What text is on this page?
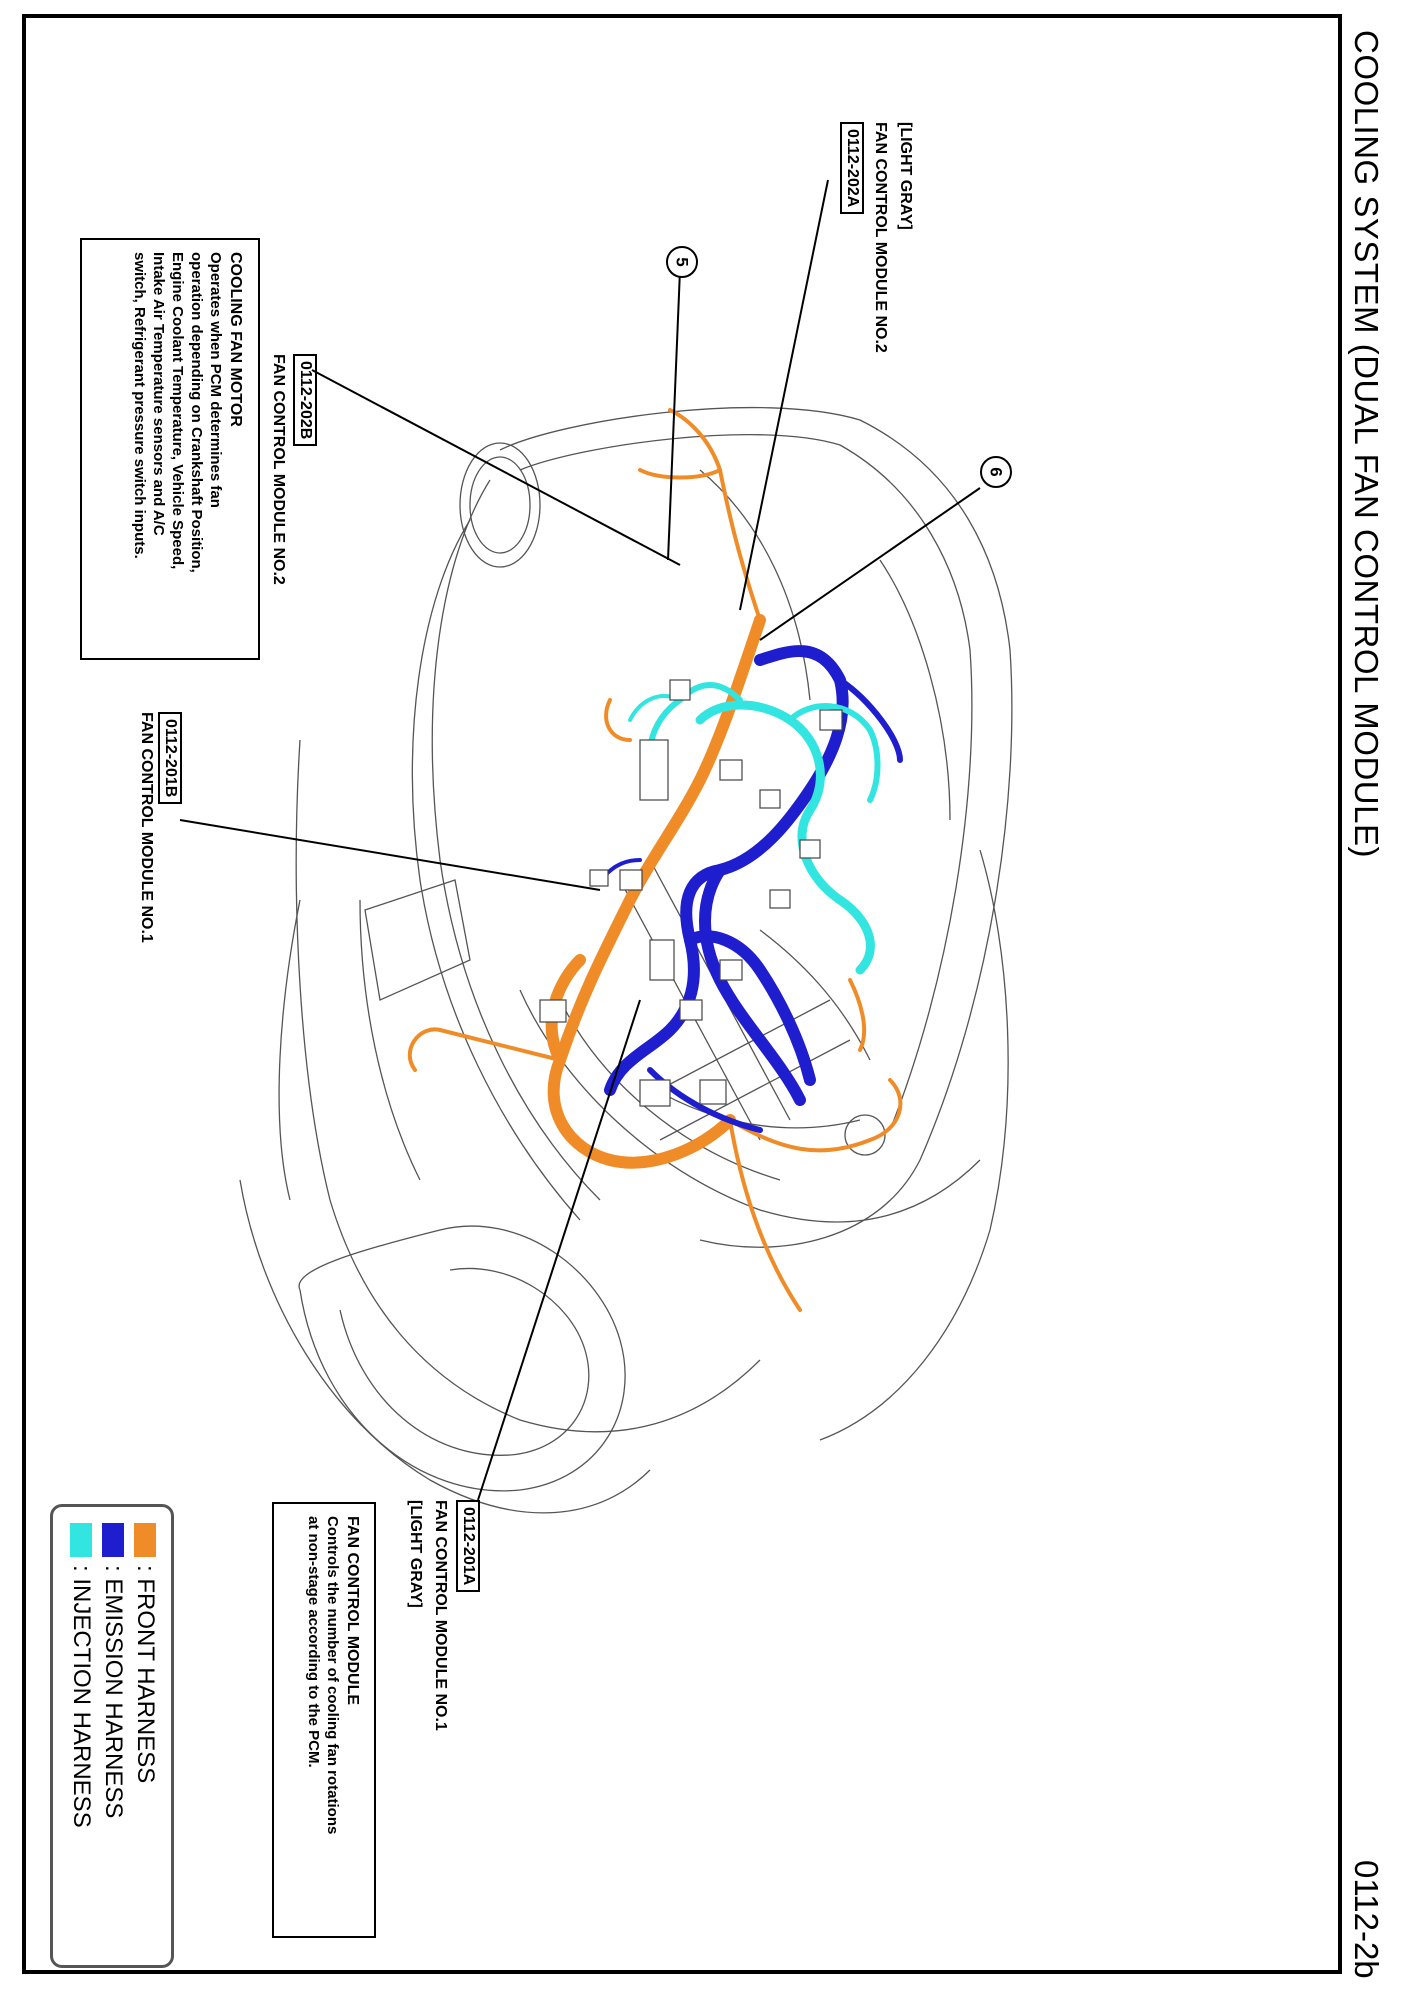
5
6	COOLING SYSTEM (DUAL FAN CONTROL MODULE)
0112-2b
[LIGHT GRAY]
FAN CONTROL MODULE NO.2
0112-202A
0112-202B
FAN CONTROL MODULE NO.2
0112-201B
FAN CONTROL MODULE NO.1
0112-201A
FAN CONTROL MODULE NO.1
[LIGHT GRAY]
COOLING FAN MOTOR
Operates when PCM determines fan
operation depending on Crankshaft Position,
Engine Coolant Temperature, Vehicle Speed,
Intake Air Temperature sensors and A/C
switch, Refrigerant pressure switch inputs.
FAN CONTROL MODULE
Controls the number of cooling fan rotations
at non-stage according to the PCM.
: FRONT HARNESS
: EMISSION HARNESS
: INJECTION HARNESS
